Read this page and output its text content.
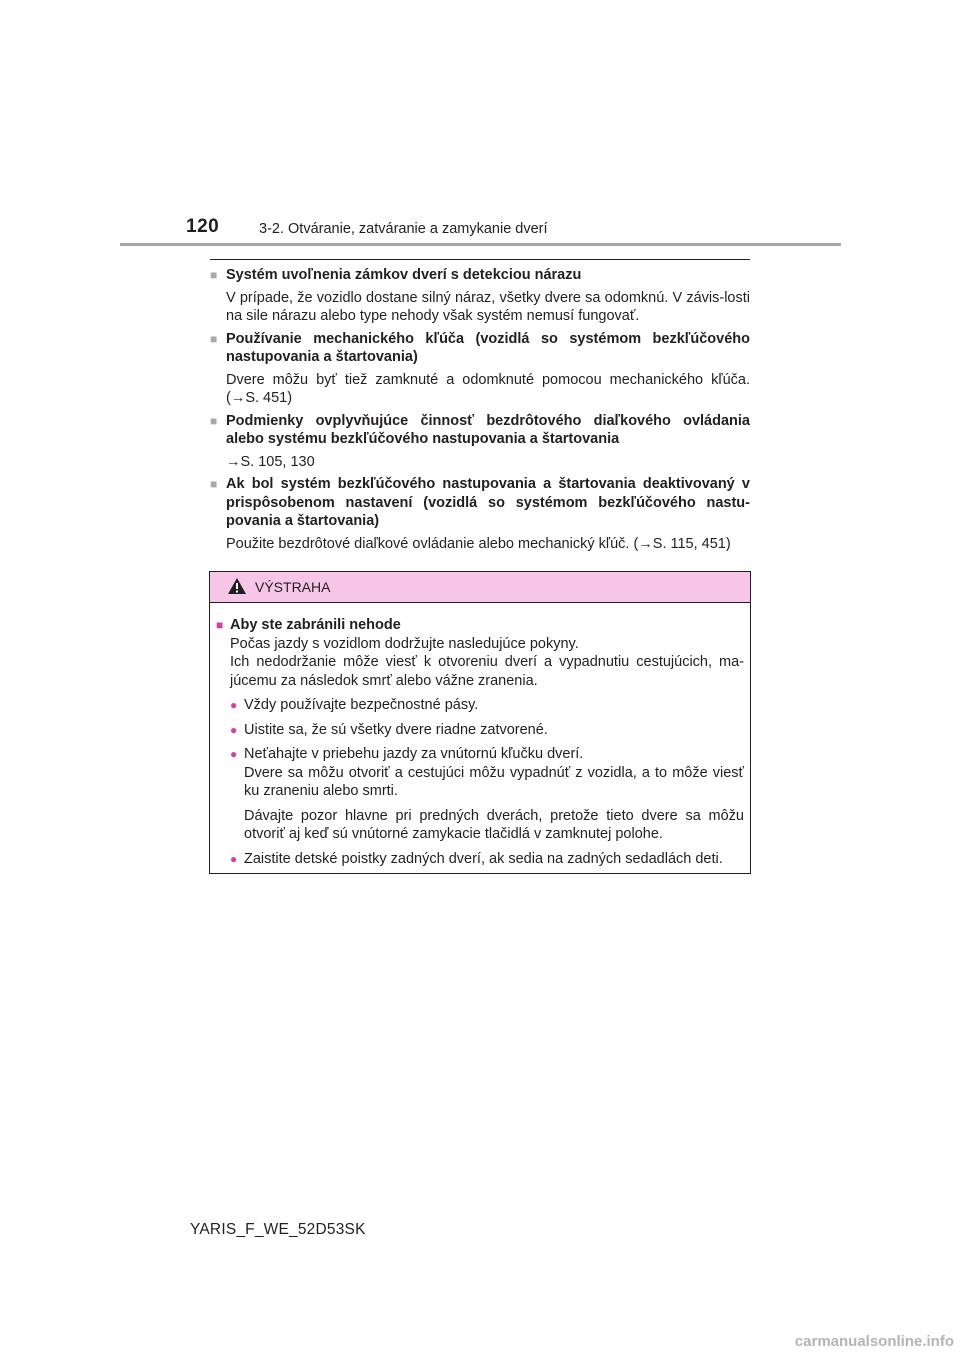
120	3-2. Otváranie, zatváranie a zamykanie dverí
■ Systém uvoľnenia zámkov dverí s detekciou nárazu
V prípade, že vozidlo dostane silný náraz, všetky dvere sa odomknú. V závis-losti na sile nárazu alebo type nehody však systém nemusí fungovať.
■ Používanie mechanického kľúča (vozidlá so systémom bezkľúčového nastupovania a štartovania)
Dvere môžu byť tiež zamknuté a odomknuté pomocou mechanického kľúča. (→S. 451)
■ Podmienky ovplyvňujúce činnosť bezdrôtového diaľkového ovládania alebo systému bezkľúčového nastupovania a štartovania
→S. 105, 130
■ Ak bol systém bezkľúčového nastupovania a štartovania deaktivovaný v prispôsobenom nastavení (vozidlá so systémom bezkľúčového nastu-povania a štartovania)
Použite bezdrôtové diaľkové ovládanie alebo mechanický kľúč. (→S. 115, 451)
VÝSTRAHA
■ Aby ste zabránili nehode
Počas jazdy s vozidlom dodržujte nasledujúce pokyny.
Ich nedodržanie môže viesť k otvoreniu dverí a vypadnutiu cestujúcich, ma-júcemu za následok smrť alebo vážne zranenia.
● Vždy používajte bezpečnostné pásy.
● Uistite sa, že sú všetky dvere riadne zatvorené.
● Neťahajte v priebehu jazdy za vnútornú kľučku dverí.
Dvere sa môžu otvoriť a cestujúci môžu vypadnúť z vozidla, a to môže viesť ku zraneniu alebo smrti.
Dávajte pozor hlavne pri predných dverách, pretože tieto dvere sa môžu otvoriť aj keď sú vnútorné zamykacie tlačidlá v zamknutej polohe.
● Zaistite detské poistky zadných dverí, ak sedia na zadných sedadlách deti.
YARIS_F_WE_52D53SK
carmanualsonline.info
